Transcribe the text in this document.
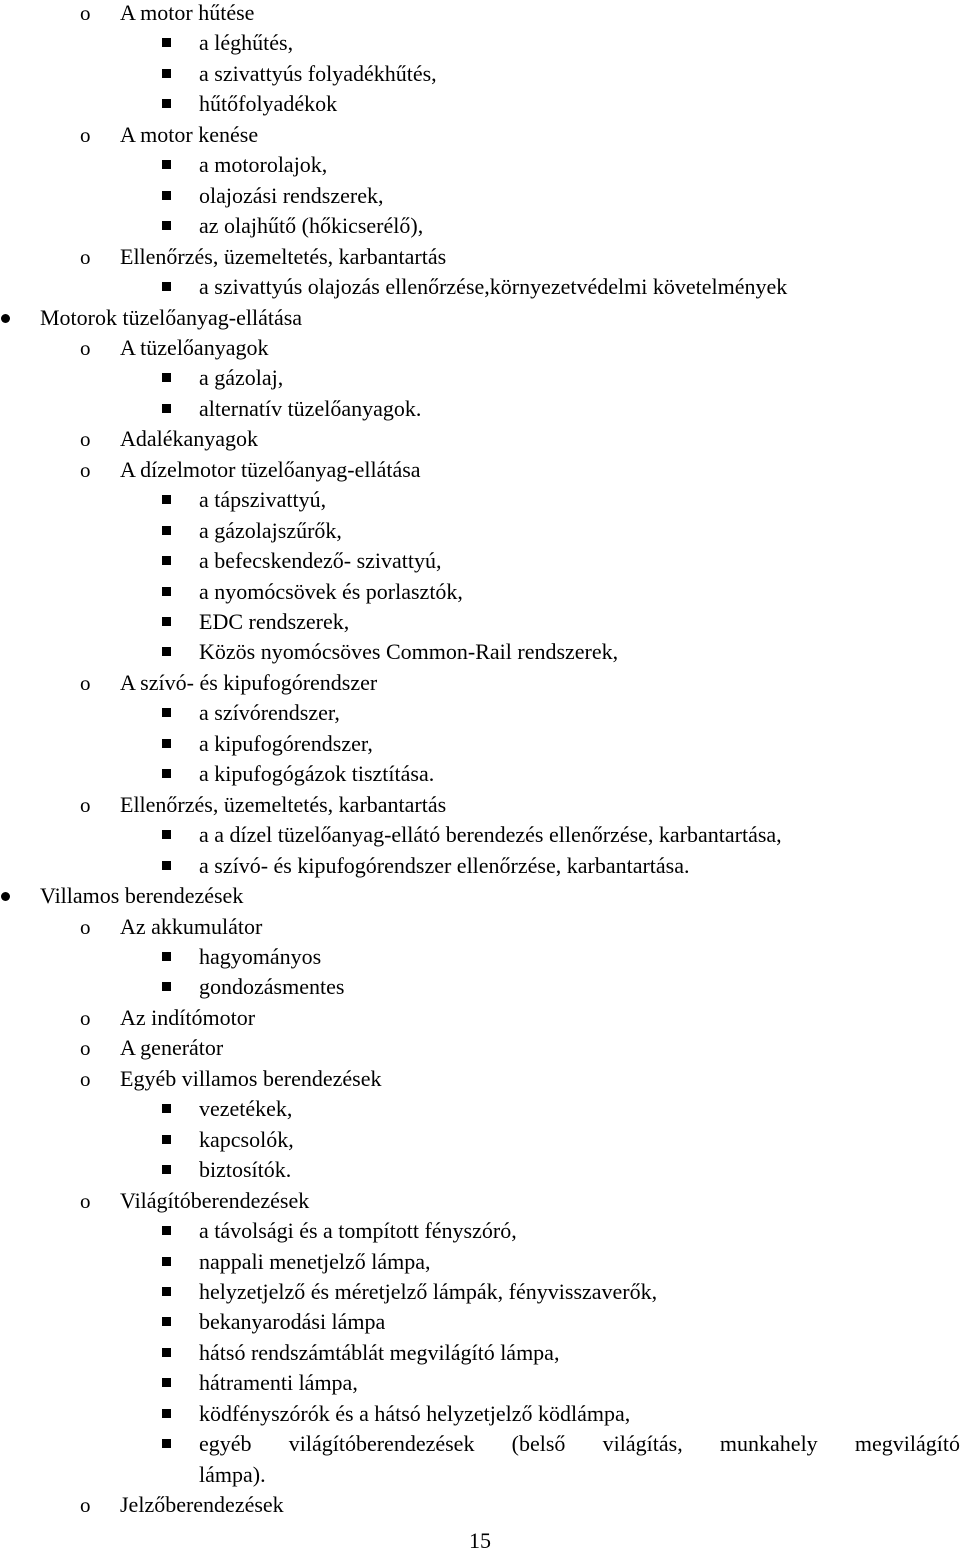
o A motor hűtése
a léghűtés,
a szivattyús folyadékhűtés,
hűtőfolyadékok
o A motor kenése
a motorolajok,
olajozási rendszerek,
az olajhűtő (hőkicserélő),
o Ellenőrzés, üzemeltetés, karbantartás
a szivattyús olajozás ellenőrzése,környezetvédelmi követelmények
Motorok tüzelőanyag-ellátása
o A tüzelőanyagok
a gázolaj,
alternatív tüzelőanyagok.
o Adalékanyagok
o A dízelmotor tüzelőanyag-ellátása
a tápszivattyú,
a gázolajszűrők,
a befecskendező- szivattyú,
a nyomócsövek és porlasztók,
EDC rendszerek,
Közös nyomócsöves Common-Rail rendszerek,
o A szívó- és kipufogórendszer
a szívórendszer,
a kipufogórendszer,
a kipufogógázok tisztítása.
o Ellenőrzés, üzemeltetés, karbantartás
a a dízel tüzelőanyag-ellátó berendezés ellenőrzése, karbantartása,
a szívó- és kipufogórendszer ellenőrzése, karbantartása.
Villamos berendezések
o Az akkumulátor
hagyományos
gondozásmentes
o Az indítómotor
o A generátor
o Egyéb villamos berendezések
vezetékek,
kapcsolók,
biztosítók.
o Világítóberendezések
a távolsági és a tompított fényszóró,
nappali menetjelző lámpa,
helyzetjelző és méretjelző lámpák, fényvisszaverők,
bekanyarodási lámpa
hátsó rendszámtáblát megvilágító lámpa,
hátramenti lámpa,
ködfényszórók és a hátsó helyzetjelző ködlámpa,
egyéb világítóberendezések (belső világítás, munkahely megvilágító
lámpa).
o Jelzőberendezések
15
